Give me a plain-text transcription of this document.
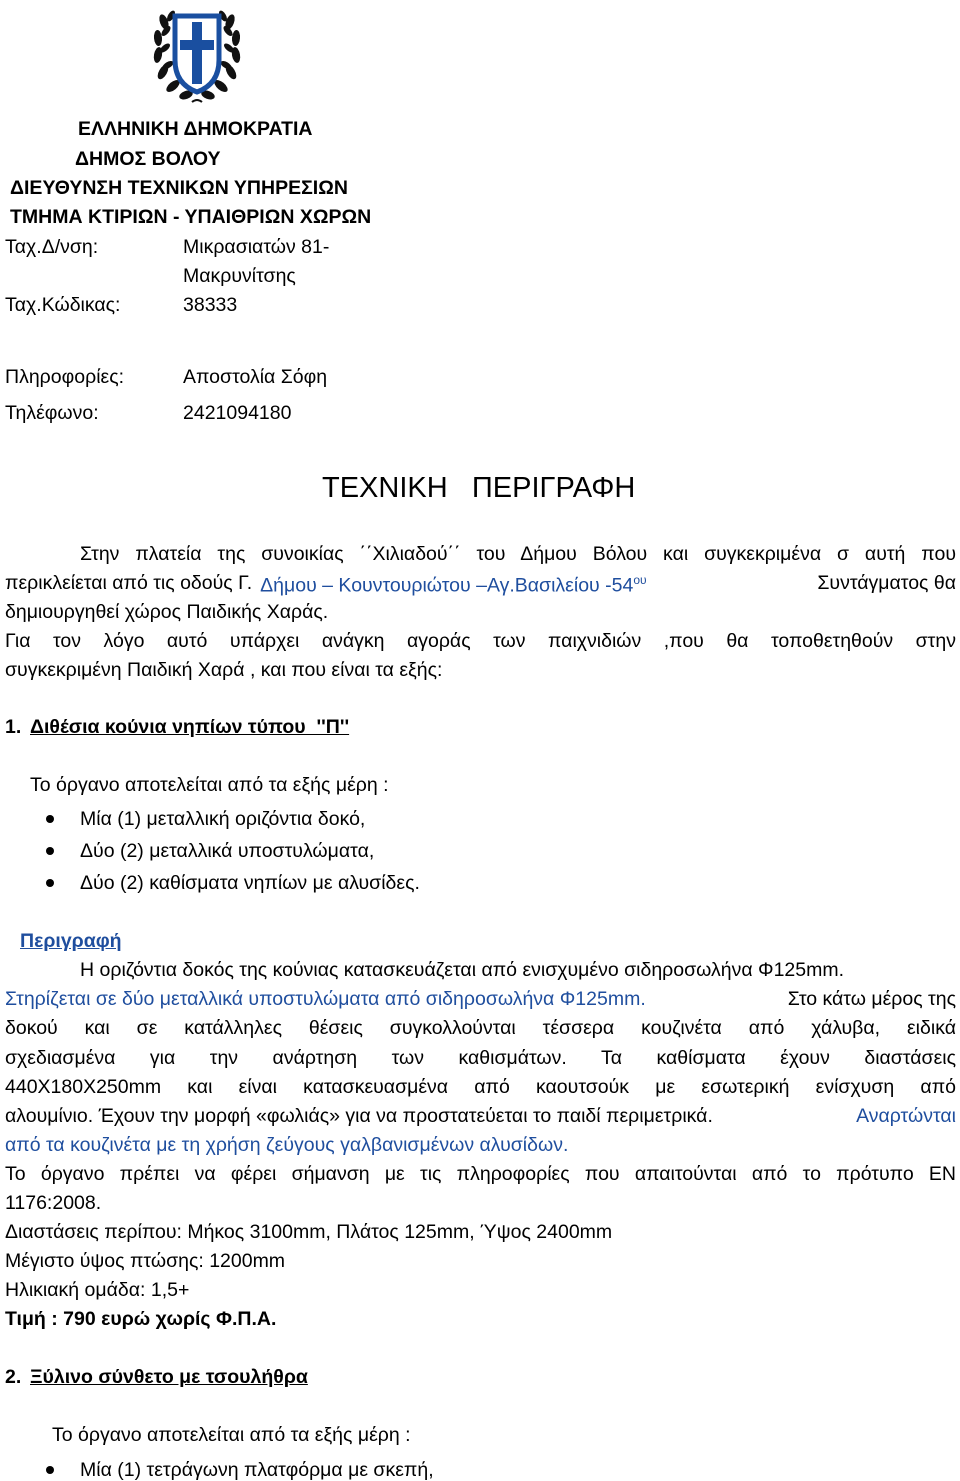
ΕΛΛΗΝΙΚΗ ΔΗΜΟΚΡΑΤΙΑ
ΔΗΜΟΣ ΒΟΛΟΥ
ΔΙΕΥΘΥΝΣΗ ΤΕΧΝΙΚΩΝ ΥΠΗΡΕΣΙΩΝ
ΤΜΗΜΑ ΚΤΙΡΙΩΝ - ΥΠΑΙΘΡΙΩΝ ΧΩΡΩΝ
Ταχ.Δ/νση:	Μικρασιατών 81-
Μακρυνίτσης
Ταχ.Κώδικας:	38333
Πληροφορίες:	Αποστολία Σόφη
Τηλέφωνο:	2421094180
ΤΕΧΝΙΚΗ   ΠΕΡΙΓΡΑΦΗ
Στην πλατεία της συνοικίας ΄΄Χιλιαδού΄΄ του Δήμου Βόλου και συγκεκριμένα σ αυτή που
περικλείεται από τις οδούς Γ. Δήμου – Κουντουριώτου –Αγ.Βασιλείου $-54^{o\upsilon}$	Συντάγματος θα
δημιουργηθεί χώρος Παιδικής Χαράς.
Για τον λόγο αυτό υπάρχει ανάγκη αγοράς των παιχνιδιών ,που θα τοποθετηθούν στην
συγκεκριμένη Παιδική Χαρά , και που είναι τα εξής:
1. Διθέσια κούνια νηπίων τύπου  ''Π''
Το όργανο αποτελείται από τα εξής μέρη :
Μία (1) μεταλλική οριζόντια δοκό,
Δύο (2) μεταλλικά υποστυλώματα,
Δύο (2) καθίσματα νηπίων με αλυσίδες.
Περιγραφή
Η οριζόντια δοκός της κούνιας κατασκευάζεται από ενισχυμένο σιδηροσωλήνα Φ125mm.
Στηρίζεται σε δύο μεταλλικά υποστυλώματα από σιδηροσωλήνα Φ125mm.	Στο κάτω μέρος της
δοκού και σε κατάλληλες θέσεις συγκολλούνται τέσσερα κουζινέτα από χάλυβα, ειδικά
σχεδιασμένα για την ανάρτηση των καθισμάτων. Τα καθίσματα έχουν διαστάσεις
440Χ180Χ250mm και είναι κατασκευασμένα από καουτσούκ με εσωτερική ενίσχυση από
αλουμίνιο. Έχουν την μορφή «φωλιάς» για να προστατεύεται το παιδί περιμετρικά.	Αναρτώνται
από τα κουζινέτα με τη χρήση ζεύγους γαλβανισμένων αλυσίδων.
Το όργανο πρέπει να φέρει σήμανση με τις πληροφορίες που απαιτούνται από το πρότυπο ΕΝ
1176:2008.
Διαστάσεις περίπου: Μήκος 3100mm, Πλάτος 125mm, Ύψος 2400mm
Μέγιστο ύψος πτώσης: 1200mm
Ηλικιακή ομάδα: 1,5+
Τιμή : 790 ευρώ χωρίς Φ.Π.Α.
2. Ξύλινο σύνθετο με τσουλήθρα
Το όργανο αποτελείται από τα εξής μέρη :
Μία (1) τετράγωνη πλατφόρμα με σκεπή,
